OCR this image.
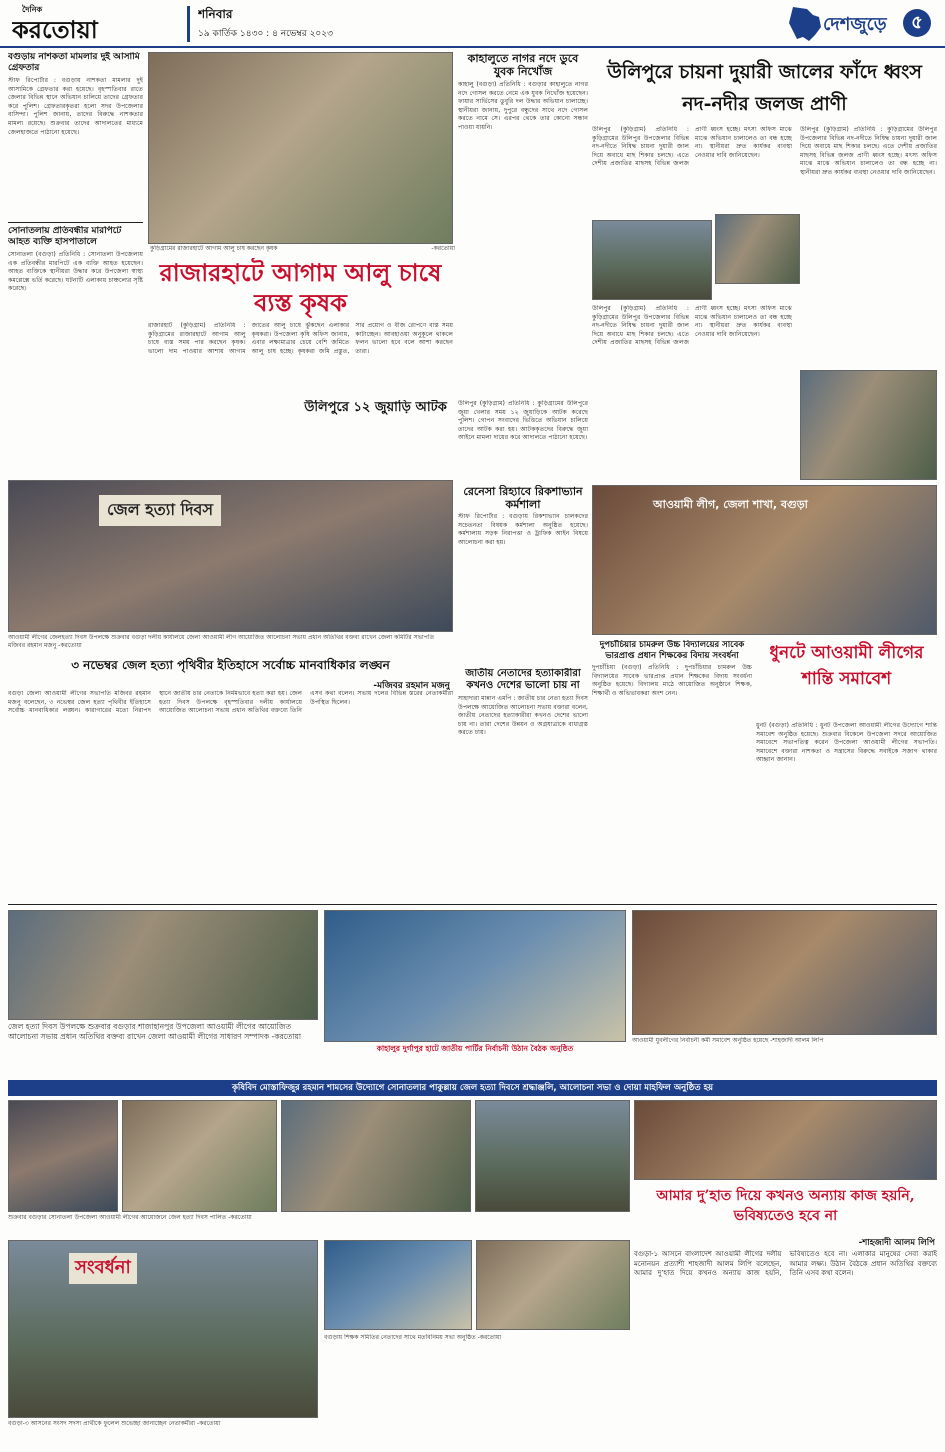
দৈনিক
করতোয়া
শনিবার
১৯ কার্তিক ১৪৩০ : ৪ নভেম্বর ২০২৩	দেশজুড়ে	৫
বগুড়ায় নাশকতা মামলার দুই আসামি গ্রেফতার
স্টাফ রিপোর্টার : বগুড়ায় নাশকতা মামলার দুই আসামিকে গ্রেফতার করা হয়েছে। বৃহস্পতিবার রাতে জেলার বিভিন্ন স্থানে অভিযান চালিয়ে তাদের গ্রেফতার করে পুলিশ। গ্রেফতারকৃতরা হলো সদর উপজেলার বাসিন্দা। পুলিশ জানায়, তাদের বিরুদ্ধে নাশকতার মামলা রয়েছে। শুক্রবার তাদের আদালতের মাধ্যমে জেলহাজতে পাঠানো হয়েছে।
সোনাতলায় প্রতিবন্ধীর মারপিটে আহত ব্যক্তি হাসপাতালে
সোনাতলা (বগুড়া) প্রতিনিধি : সোনাতলা উপজেলায় এক প্রতিবন্ধীর মারপিটে এক ব্যক্তি আহত হয়েছেন। আহত ব্যক্তিকে স্থানীয়রা উদ্ধার করে উপজেলা স্বাস্থ্য কমপ্লেক্সে ভর্তি করেছে। ঘটনাটি এলাকায় চাঞ্চল্যের সৃষ্টি করেছে।
কুড়িগ্রামের রাজারহাটে আগাম আলু চাষ করছেন কৃষক	-করতোয়া
রাজারহাটে আগাম আলু চাষে ব্যস্ত কৃষক
রাজারহাট (কুড়িগ্রাম) প্রতিনিধি : কুড়িগ্রামের রাজারহাটে আগাম আলু চাষে ব্যস্ত সময় পার করছেন কৃষক। ভালো দাম পাওয়ার আশায় আগাম জাতের আলু চাষে ঝুঁকছেন এলাকার কৃষকরা। উপজেলা কৃষি অফিস জানায়, এবার লক্ষ্যমাত্রার চেয়ে বেশি জমিতে আলু চাষ হচ্ছে। কৃষকরা জমি প্রস্তুত, সার প্রয়োগ ও বীজ রোপণে ব্যস্ত সময় কাটাচ্ছেন। আবহাওয়া অনুকূলে থাকলে ফলন ভালো হবে বলে আশা করছেন তারা।
কাহালুতে নাগর নদে ডুবে যুবক নিখোঁজ
কাহালু (বগুড়া) প্রতিনিধি : বগুড়ার কাহালুতে নাগর নদে গোসল করতে নেমে এক যুবক নিখোঁজ হয়েছেন। ফায়ার সার্ভিসের ডুবুরি দল উদ্ধার অভিযান চালাচ্ছে। স্থানীয়রা জানায়, দুপুরে বন্ধুদের সাথে নদে গোসল করতে নামে সে। এরপর থেকে তার কোনো সন্ধান পাওয়া যায়নি।
উলিপুরে চায়না দুয়ারী জালের ফাঁদে ধ্বংস নদ-নদীর জলজ প্রাণী
উলিপুর (কুড়িগ্রাম) প্রতিনিধি : কুড়িগ্রামের উলিপুর উপজেলার বিভিন্ন নদ-নদীতে নিষিদ্ধ চায়না দুয়ারী জাল দিয়ে অবাধে মাছ শিকার চলছে। এতে দেশীয় প্রজাতির মাছসহ বিভিন্ন জলজ প্রাণী ধ্বংস হচ্ছে। মৎস্য অফিস মাঝে মাঝে অভিযান চালালেও তা বন্ধ হচ্ছে না। স্থানীয়রা দ্রুত কার্যকর ব্যবস্থা নেওয়ার দাবি জানিয়েছেন।
উলিপুর (কুড়িগ্রাম) প্রতিনিধি : কুড়িগ্রামের উলিপুর উপজেলার বিভিন্ন নদ-নদীতে নিষিদ্ধ চায়না দুয়ারী জাল দিয়ে অবাধে মাছ শিকার চলছে। এতে দেশীয় প্রজাতির মাছসহ বিভিন্ন জলজ প্রাণী ধ্বংস হচ্ছে। মৎস্য অফিস মাঝে মাঝে অভিযান চালালেও তা বন্ধ হচ্ছে না। স্থানীয়রা দ্রুত কার্যকর ব্যবস্থা নেওয়ার দাবি জানিয়েছেন।
উলিপুর (কুড়িগ্রাম) প্রতিনিধি : কুড়িগ্রামের উলিপুর উপজেলার বিভিন্ন নদ-নদীতে নিষিদ্ধ চায়না দুয়ারী জাল দিয়ে অবাধে মাছ শিকার চলছে। এতে দেশীয় প্রজাতির মাছসহ বিভিন্ন জলজ প্রাণী ধ্বংস হচ্ছে। মৎস্য অফিস মাঝে মাঝে অভিযান চালালেও তা বন্ধ হচ্ছে না। স্থানীয়রা দ্রুত কার্যকর ব্যবস্থা নেওয়ার দাবি জানিয়েছেন।
জেল হত্যা দিবস
আওয়ামী লীগের জেলহত্যা দিবস উপলক্ষে শুক্রবার বগুড়া দলীয় কার্যালয়ে জেলা আওয়ামী লীগ আয়োজিত আলোচনা সভায় প্রধান অতিথির বক্তব্য রাখেন জেলা কমিটির সভাপতি মজিবর রহমান মজনু -করতোয়া
উলিপুরে ১২ জুয়াড়ি আটক	উলিপুর (কুড়িগ্রাম) প্রতিনিধি : কুড়িগ্রামের উলিপুরে জুয়া খেলার সময় ১২ জুয়াড়িকে আটক করেছে পুলিশ। গোপন সংবাদের ভিত্তিতে অভিযান চালিয়ে তাদের আটক করা হয়। আটককৃতদের বিরুদ্ধে জুয়া আইনে মামলা দায়ের করে আদালতে পাঠানো হয়েছে।
রেনেসা রিহ্যাবে রিকশাভ্যান কর্মশালা
স্টাফ রিপোর্টার : বগুড়ায় রিকশাভ্যান চালকদের সচেতনতা বিষয়ক কর্মশালা অনুষ্ঠিত হয়েছে। কর্মশালায় সড়ক নিরাপত্তা ও ট্রাফিক আইন বিষয়ে আলোচনা করা হয়।
আওয়ামী লীগ, জেলা শাখা, বগুড়া
৩ নভেম্বর জেল হত্যা পৃথিবীর ইতিহাসে সর্বোচ্চ মানবাধিকার লঙ্ঘন
-মজিবর রহমান মজনু
বগুড়া জেলা আওয়ামী লীগের সভাপতি মজিবর রহমান মজনু বলেছেন, ৩ নভেম্বর জেল হত্যা পৃথিবীর ইতিহাসে সর্বোচ্চ মানবাধিকার লঙ্ঘন। কারাগারের মতো নিরাপদ স্থানে জাতীয় চার নেতাকে নির্মমভাবে হত্যা করা হয়। জেল হত্যা দিবস উপলক্ষে বৃহস্পতিবার দলীয় কার্যালয়ে আয়োজিত আলোচনা সভায় প্রধান অতিথির বক্তব্যে তিনি এসব কথা বলেন। সভায় দলের বিভিন্ন স্তরের নেতাকর্মীরা উপস্থিত ছিলেন।
জাতীয় নেতাদের হত্যাকারীরা কখনও দেশের ভালো চায় না
সাহাদারা মান্নান এমপি : জাতীয় চার নেতা হত্যা দিবস উপলক্ষে আয়োজিত আলোচনা সভায় বক্তারা বলেন, জাতীয় নেতাদের হত্যাকারীরা কখনও দেশের ভালো চায় না। তারা দেশের উন্নয়ন ও অগ্রযাত্রাকে বাধাগ্রস্ত করতে চায়।
দুপচাঁচিয়ার চামরুল উচ্চ বিদ্যালয়ের সাবেক ভারপ্রাপ্ত প্রধান শিক্ষকের বিদায় সংবর্ধনা
দুপচাঁচিয়া (বগুড়া) প্রতিনিধি : দুপচাঁচিয়ার চামরুল উচ্চ বিদ্যালয়ের সাবেক ভারপ্রাপ্ত প্রধান শিক্ষকের বিদায় সংবর্ধনা অনুষ্ঠিত হয়েছে। বিদ্যালয় মাঠে আয়োজিত অনুষ্ঠানে শিক্ষক, শিক্ষার্থী ও অভিভাবকরা অংশ নেন।
ধুনটে আওয়ামী লীগের শান্তি সমাবেশ
ধুনট (বগুড়া) প্রতিনিধি : ধুনট উপজেলা আওয়ামী লীগের উদ্যোগে শান্তি সমাবেশ অনুষ্ঠিত হয়েছে। শুক্রবার বিকেলে উপজেলা সদরে আয়োজিত সমাবেশে সভাপতিত্ব করেন উপজেলা আওয়ামী লীগের সভাপতি। সমাবেশে বক্তারা নাশকতা ও সন্ত্রাসের বিরুদ্ধে সবাইকে সজাগ থাকার আহ্বান জানান।
জেল হত্যা দিবস উপলক্ষে শুক্রবার বগুড়ার শাজাহানপুর উপজেলা আওয়ামী লীগের আয়োজিত আলোচনা সভায় প্রধান অতিথির বক্তব্য রাখেন জেলা আওয়ামী লীগের সাধারণ সম্পাদক -করতোয়া
কাহালুর দুর্গাপুর হাটে জাতীয় পার্টির নির্বাচনী উঠান বৈঠক অনুষ্ঠিত
আওয়ামী যুবলীগের নির্বাচনী কর্মী সমাবেশ অনুষ্ঠিত হয়েছে -শাহজাদী আলম লিপি
কৃষিবিদ মোস্তাফিজুর রহমান শামসের উদ্যোগে সোনাতলার পাকুল্লায় জেল হত্যা দিবসে শ্রদ্ধাঞ্জলি, আলোচনা সভা ও দোয়া মাহফিল অনুষ্ঠিত হয়
শুক্রবার বগুড়ার সোনাতলা উপজেলা আওয়ামী লীগের আয়োজনে জেল হত্যা দিবস পালিত -করতোয়া
আমার দু’হাত দিয়ে কখনও অন্যায় কাজ হয়নি, ভবিষ্যতেও হবে না
-শাহজাদী আলম লিপি
বগুড়া-১ আসনে বাংলাদেশ আওয়ামী লীগের দলীয় মনোনয়ন প্রত্যাশী শাহজাদী আলম লিপি বলেছেন, আমার দু’হাত দিয়ে কখনও অন্যায় কাজ হয়নি, ভবিষ্যতেও হবে না। এলাকার মানুষের সেবা করাই আমার লক্ষ্য। উঠান বৈঠকে প্রধান অতিথির বক্তব্যে তিনি এসব কথা বলেন।
সংবর্ধনা
বগুড়া-৩ আসনের সংসদ সদস্য প্রার্থীকে ফুলেল শুভেচ্ছা জানাচ্ছেন নেতাকর্মীরা -করতোয়া
বগুড়ায় শিক্ষক সমিতির নেতাদের সাথে মতবিনিময় সভা অনুষ্ঠিত -করতোয়া
